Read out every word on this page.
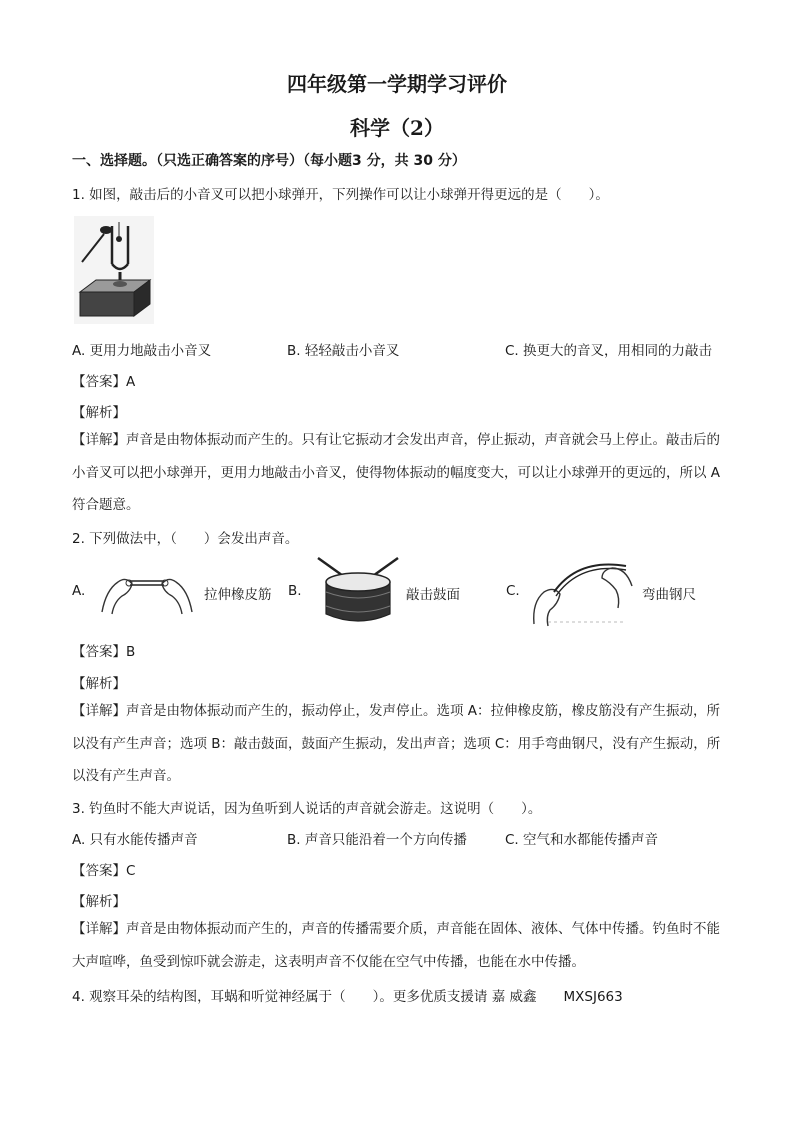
四年级第一学期学习评价
科学（2）
一、选择题。（只选正确答案的序号）（每小题3 分，共 30 分）
1. 如图，敲击后的小音叉可以把小球弹开，下列操作可以让小球弹开得更远的是（　　）。
A. 更用力地敲击小音叉	B. 轻轻敲击小音叉	C. 换更大的音叉，用相同的力敲击
【答案】A
【解析】
【详解】声音是由物体振动而产生的。只有让它振动才会发出声音，停止振动，声音就会马上停止。敲击后的小音叉可以把小球弹开，更用力地敲击小音叉，使得物体振动的幅度变大，可以让小球弹开的更远的，所以 A 符合题意。
2. 下列做法中，（　　）会发出声音。
A.	拉伸橡皮筋 B.	敲击鼓面	C.	弯曲钢尺
【答案】B
【解析】
【详解】声音是由物体振动而产生的，振动停止，发声停止。选项 A：拉伸橡皮筋，橡皮筋没有产生振动，所以没有产生声音；选项 B：敲击鼓面，鼓面产生振动，发出声音；选项 C：用手弯曲钢尺，没有产生振动，所以没有产生声音。
3. 钓鱼时不能大声说话，因为鱼听到人说话的声音就会游走。这说明（　　）。
A. 只有水能传播声音	B. 声音只能沿着一个方向传播	C. 空气和水都能传播声音
【答案】C
【解析】
【详解】声音是由物体振动而产生的，声音的传播需要介质，声音能在固体、液体、气体中传播。钓鱼时不能大声喧哗，鱼受到惊吓就会游走，这表明声音不仅能在空气中传播，也能在水中传播。
4. 观察耳朵的结构图，耳蜗和听觉神经属于（　　）。更多优质支援请 嘉 威鑫　　MXSJ663
